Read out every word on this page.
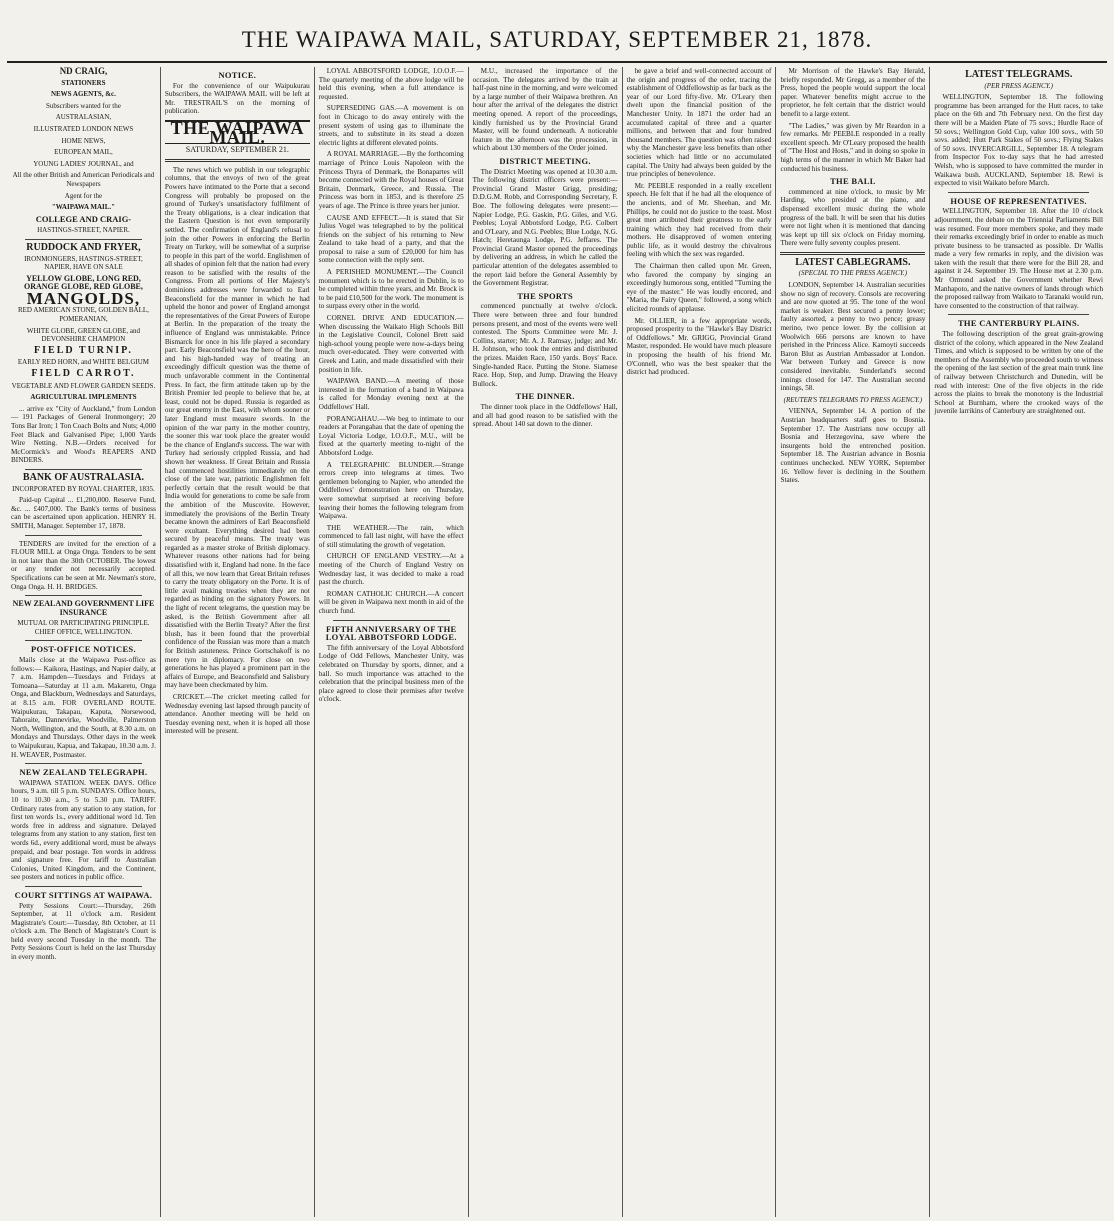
THE WAIPAWA MAIL, SATURDAY, SEPTEMBER 21, 1878.

ND CRAIG,

STATIONERS

NEWS AGENTS, &c.

Subscribers wanted for the

AUSTRALASIAN,

ILLUSTRATED LONDON NEWS

HOME NEWS,

EUROPEAN MAIL,

YOUNG LADIES' JOURNAL, and

All the other British and American Periodicals and Newspapers

Agent for the

"WAIPAWA MAIL."

COLLEGE AND CRAIG-

HASTINGS-STREET, NAPIER.

RUDDOCK AND FRYER,

IRONMONGERS, HASTINGS-STREET, NAPIER, HAVE ON SALE

YELLOW GLOBE, LONG RED, ORANGE GLOBE, RED GLOBE,

MANGOLDS,

RED AMERICAN STONE, GOLDEN BALL, POMERANIAN,

WHITE GLOBE, GREEN GLOBE, and DEVONSHIRE CHAMPION

FIELD TURNIP.

EARLY RED HORN, and WHITE BELGIUM

FIELD CARROT.

VEGETABLE AND FLOWER GARDEN SEEDS.

AGRICULTURAL IMPLEMENTS

... arrive ex "City of Auckland," from London — 191 Packages of General Ironmongery; 20 Tons Bar Iron; 1 Ton Coach Bolts and Nuts; 4,000 Feet Black and Galvanised Pipe; 1,000 Yards Wire Netting. N.B.—Orders received for McCormick's and Wood's REAPERS AND BINDERS.

BANK OF AUSTRALASIA.

INCORPORATED BY ROYAL CHARTER, 1835.

Paid-up Capital ... £1,200,000. Reserve Fund, &c. ... £407,000. The Bank's terms of business can be ascertained upon application. HENRY H. SMITH, Manager. September 17, 1878.

TENDERS are invited for the erection of a FLOUR MILL at Onga Onga. Tenders to be sent in not later than the 30th OCTOBER. The lowest or any tender not necessarily accepted. Specifications can be seen at Mr. Newman's store, Onga Onga. H. H. BRIDGES.

NEW ZEALAND GOVERNMENT LIFE INSURANCE

MUTUAL OR PARTICIPATING PRINCIPLE. CHIEF OFFICE, WELLINGTON.

POST-OFFICE NOTICES.

Mails close at the Waipawa Post-office as follows:— Kaikora, Hastings, and Napier daily, at 7 a.m. Hampden—Tuesdays and Fridays at Tomoana—Saturday at 11 a.m. Makaretu, Onga Onga, and Blackburn, Wednesdays and Saturdays, at 8.15 a.m. FOR OVERLAND ROUTE. Waipukurau, Takapau, Kaputa, Norsewood, Tahoraite, Dannevirke, Woodville, Palmerston North, Wellington, and the South, at 8.30 a.m. on Mondays and Thursdays. Other days in the week to Waipukurau, Kapua, and Takapau, 10.30 a.m. J. H. WEAVER, Postmaster.

NEW ZEALAND TELEGRAPH.

WAIPAWA STATION. WEEK DAYS. Office hours, 9 a.m. till 5 p.m. SUNDAYS. Office hours, 10 to 10.30 a.m., 5 to 5.30 p.m. TARIFF. Ordinary rates from any station to any station, for first ten words 1s., every additional word 1d. Ten words free in address and signature. Delayed telegrams from any station to any station, first ten words 6d., every additional word, must be always prepaid, and bear postage. Ten words in address and signature free. For tariff to Australian Colonies, United Kingdom, and the Continent, see posters and notices in public office.

COURT SITTINGS AT WAIPAWA.

Petty Sessions Court:—Thursday, 26th September, at 11 o'clock a.m. Resident Magistrate's Court:—Tuesday, 8th October, at 11 o'clock a.m. The Bench of Magistrate's Court is held every second Tuesday in the month. The Petty Sessions Court is held on the last Thursday in every month.

NOTICE.

For the convenience of our Waipukurau Subscribers, the WAIPAWA MAIL will be left at Mr. TRESTRAIL'S on the morning of publication.

THE WAIPAWA MAIL.

SATURDAY, SEPTEMBER 21.

The news which we publish in our telegraphic columns, that the envoys of two of the great Powers have intimated to the Porte that a second Congress will probably be proposed on the ground of Turkey's unsatisfactory fulfilment of the Treaty obligations, is a clear indication that the Eastern Question is not even temporarily settled. The confirmation of England's refusal to join the other Powers in enforcing the Berlin Treaty on Turkey, will be somewhat of a surprise to people in this part of the world. Englishmen of all shades of opinion felt that the nation had every reason to be satisfied with the results of the Congress. From all portions of Her Majesty's dominions addresses were forwarded to Earl Beaconsfield for the manner in which he had upheld the honor and power of England amongst the representatives of the Great Powers of Europe at Berlin. In the preparation of the treaty the influence of England was unmistakable. Prince Bismarck for once in his life played a secondary part. Early Beaconsfield was the hero of the hour, and his high-handed way of treating an exceedingly difficult question was the theme of much unfavorable comment in the Continental Press. In fact, the firm attitude taken up by the British Premier led people to believe that he, at least, could not be duped. Russia is regarded as our great enemy in the East, with whom sooner or later England must measure swords. In the opinion of the war party in the mother country, the sooner this war took place the greater would be the chance of England's success. The war with Turkey had seriously crippled Russia, and had shown her weakness. If Great Britain and Russia had commenced hostilities immediately on the close of the late war, patriotic Englishmen felt perfectly certain that the result would be that India would for generations to come be safe from the ambition of the Muscovite. However, immediately the provisions of the Berlin Treaty became known the admirers of Earl Beaconsfield were exultant. Everything desired had been secured by peaceful means. The treaty was regarded as a master stroke of British diplomacy. Whatever reasons other nations had for being dissatisfied with it, England had none. In the face of all this, we now learn that Great Britain refuses to carry the treaty obligatory on the Porte. It is of little avail making treaties when they are not regarded as binding on the signatory Powers. In the light of recent telegrams, the question may be asked, is the British Government after all dissatisfied with the Berlin Treaty? After the first blush, has it been found that the proverbial confidence of the Russian was more than a match for British astuteness. Prince Gortschakoff is no mere tyro in diplomacy. For close on two generations he has played a prominent part in the affairs of Europe, and Beaconsfield and Salisbury may have been checkmated by him.

CRICKET.—The cricket meeting called for Wednesday evening last lapsed through paucity of attendance. Another meeting will be held on Tuesday evening next, when it is hoped all those interested will be present.

LOYAL ABBOTSFORD LODGE, I.O.O.F.—The quarterly meeting of the above lodge will be held this evening, when a full attendance is requested.

SUPERSEDING GAS.—A movement is on foot in Chicago to do away entirely with the present system of using gas to illuminate the streets, and to substitute in its stead a dozen electric lights at different elevated points.

A ROYAL MARRIAGE.—By the forthcoming marriage of Prince Louis Napoleon with the Princess Thyra of Denmark, the Bonapartes will become connected with the Royal houses of Great Britain, Denmark, Greece, and Russia. The Princess was born in 1853, and is therefore 25 years of age. The Prince is three years her junior.

CAUSE AND EFFECT.—It is stated that Sir Julius Vogel was telegraphed to by the political friends on the subject of his returning to New Zealand to take head of a party, and that the proposal to raise a sum of £20,000 for him has some connection with the reply sent.

A PERISHED MONUMENT.—The Council monument which is to be erected in Dublin, is to be completed within three years, and Mr. Brock is to be paid £10,500 for the work. The monument is to surpass every other in the world.

CORNEL DRIVE AND EDUCATION.—When discussing the Waikato High Schools Bill in the Legislative Council, Colonel Brett said high-school young people were now-a-days being much over-educated. They were converted with Greek and Latin, and made dissatisfied with their position in life.

WAIPAWA BAND.—A meeting of those interested in the formation of a band in Waipawa is called for Monday evening next at the Oddfellows' Hall.

PORANGAHAU.—We beg to intimate to our readers at Porangahau that the date of opening the Loyal Victoria Lodge, I.O.O.F., M.U., will be fixed at the quarterly meeting to-night of the Abbotsford Lodge.

A TELEGRAPHIC BLUNDER.—Strange errors creep into telegrams at times. Two gentlemen belonging to Napier, who attended the Oddfellows' demonstration here on Thursday, were somewhat surprised at receiving before leaving their homes the following telegram from Waipawa.

THE WEATHER.—The rain, which commenced to fall last night, will have the effect of still stimulating the growth of vegetation.

CHURCH OF ENGLAND VESTRY.—At a meeting of the Church of England Vestry on Wednesday last, it was decided to make a road past the church.

ROMAN CATHOLIC CHURCH.—A concert will be given in Waipawa next month in aid of the church fund.

FIFTH ANNIVERSARY OF THE LOYAL ABBOTSFORD LODGE.

The fifth anniversary of the Loyal Abbotsford Lodge of Odd Fellows, Manchester Unity, was celebrated on Thursday by sports, dinner, and a ball. So much importance was attached to the celebration that the principal business men of the place agreed to close their premises after twelve o'clock.

M.U., increased the importance of the occasion. The delegates arrived by the train at half-past nine in the morning, and were welcomed by a large number of their Waipawa brethren. An hour after the arrival of the delegates the district meeting opened. A report of the proceedings, kindly furnished us by the Provincial Grand Master, will be found underneath. A noticeable feature in the afternoon was the procession, in which about 130 members of the Order joined.

DISTRICT MEETING.

The District Meeting was opened at 10.30 a.m. The following district officers were present:—Provincial Grand Master Grigg, presiding; D.D.G.M. Robb, and Corresponding Secretary, F. Boe. The following delegates were present:—Napier Lodge, P.G. Gaskin, P.G. Giles, and V.G. Peebles; Loyal Abbotsford Lodge, P.G. Colbert and O'Leary, and N.G. Peebles; Blue Lodge, N.G. Hatch; Heretaunga Lodge, P.G. Jeffares. The Provincial Grand Master opened the proceedings by delivering an address, in which he called the particular attention of the delegates assembled to the report laid before the General Assembly by the Government Registrar.

THE SPORTS

commenced punctually at twelve o'clock. There were between three and four hundred persons present, and most of the events were well contested. The Sports Committee were Mr. J. Collins, starter; Mr. A. J. Ramsay, judge; and Mr. H. Johnson, who took the entries and distributed the prizes. Maiden Race, 150 yards. Boys' Race. Single-handed Race. Putting the Stone. Siamese Race. Hop, Step, and Jump. Drawing the Heavy Bullock.

THE DINNER.

The dinner took place in the Oddfellows' Hall, and all had good reason to be satisfied with the spread. About 140 sat down to the dinner.

he gave a brief and well-connected account of the origin and progress of the order, tracing the establishment of Oddfellowship as far back as the year of our Lord fifty-five. Mr. O'Leary then dwelt upon the financial position of the Manchester Unity. In 1871 the order had an accumulated capital of three and a quarter millions, and between that and four hundred thousand members. The question was often raised why the Manchester gave less benefits than other societies which had little or no accumulated capital. The Unity had always been guided by the true principles of benevolence.

Mr. PEEBLE responded in a really excellent speech. He felt that if he had all the eloquence of the ancients, and of Mr. Sheehan, and Mr. Phillips, he could not do justice to the toast. Most great men attributed their greatness to the early training which they had received from their mothers. He disapproved of women entering public life, as it would destroy the chivalrous feeling with which the sex was regarded.

The Chairman then called upon Mr. Green, who favored the company by singing an exceedingly humorous song, entitled "Turning the eye of the master." He was loudly encored, and "Maria, the Fairy Queen," followed, a song which elicited rounds of applause.

Mr. OLLIER, in a few appropriate words, proposed prosperity to the "Hawke's Bay District of Oddfellows." Mr. GRIGG, Provincial Grand Master, responded. He would have much pleasure in proposing the health of his friend Mr. O'Connell, who was the best speaker that the district had produced.

Mr Morrison of the Hawke's Bay Herald, briefly responded. Mr Gregg, as a member of the Press, hoped the people would support the local paper. Whatever benefits might accrue to the proprietor, he felt certain that the district would benefit to a large extent.

"The Ladies," was given by Mr Reardon in a few remarks. Mr PEEBLE responded in a really excellent speech. Mr O'Leary proposed the health of "The Host and Hosts," and in doing so spoke in high terms of the manner in which Mr Baker had conducted his business.

THE BALL

commenced at nine o'clock, to music by Mr Harding, who presided at the piano, and dispensed excellent music during the whole progress of the ball. It will be seen that his duties were not light when it is mentioned that dancing was kept up till six o'clock on Friday morning. There were fully seventy couples present.

LATEST CABLEGRAMS.
(SPECIAL TO THE PRESS AGENCY.)

LONDON, September 14. Australian securities show no sign of recovery. Consols are recovering and are now quoted at 95. The tone of the wool market is weaker. Best secured a penny lower; faulty assorted, a penny to two pence; greasy merino, two pence lower. By the collision at Woolwich 666 persons are known to have perished in the Princess Alice. Kamoyti succeeds Baron Blut as Austrian Ambassador at London. War between Turkey and Greece is now considered inevitable. Sunderland's second innings closed for 147. The Australian second innings, 58.

(REUTER'S TELEGRAMS TO PRESS AGENCY.)

VIENNA, September 14. A portion of the Austrian headquarters staff goes to Bosnia. September 17. The Austrians now occupy all Bosnia and Herzegovina, save where the insurgents hold the entrenched position. September 18. The Austrian advance in Bosnia continues unchecked. NEW YORK, September 16. Yellow fever is declining in the Southern States.

LATEST TELEGRAMS.
(PER PRESS AGENCY.)

WELLINGTON, September 18. The following programme has been arranged for the Hutt races, to take place on the 6th and 7th February next. On the first day there will be a Maiden Plate of 75 sovs.; Hurdle Race of 50 sovs.; Wellington Gold Cup, value 100 sovs., with 50 sovs. added; Hutt Park Stakes of 50 sovs.; Flying Stakes of 50 sovs. INVERCARGILL, September 18. A telegram from Inspector Fox to-day says that he had arrested Welsh, who is supposed to have committed the murder in Waikawa bush. AUCKLAND, September 18. Rewi is expected to visit Waikato before March.

HOUSE OF REPRESENTATIVES.

WELLINGTON, September 18. After the 10 o'clock adjournment, the debate on the Triennial Parliaments Bill was resumed. Four more members spoke, and they made their remarks exceedingly brief in order to enable as much private business to be transacted as possible. Dr Wallis made a very few remarks in reply, and the division was taken with the result that there were for the Bill 28, and against it 24. September 19. The House met at 2.30 p.m. Mr Ormond asked the Government whether Rewi Manhapoto, and the native owners of lands through which the proposed railway from Waikato to Taranaki would run, have consented to the construction of that railway.

THE CANTERBURY PLAINS.

The following description of the great grain-growing district of the colony, which appeared in the New Zealand Times, and which is supposed to be written by one of the members of the Assembly who proceeded south to witness the opening of the last section of the great main trunk line of railway between Christchurch and Dunedin, will be read with interest: One of the five objects in the ride across the plains to break the monotony is the Industrial School at Burnham, where the crooked ways of the juvenile larrikins of Canterbury are straightened out.
